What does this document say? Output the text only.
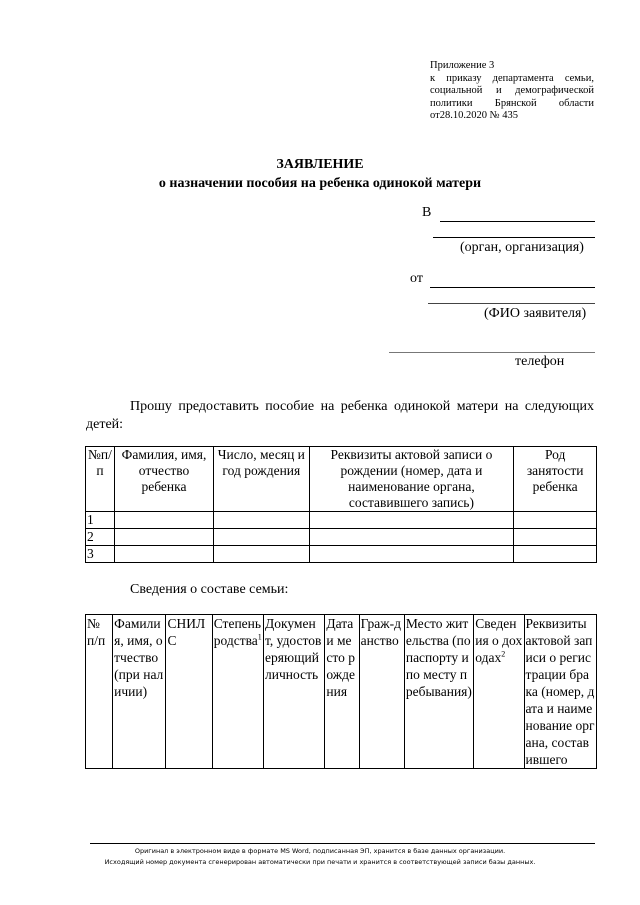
Приложение 3
к приказу департамента семьи,
социальной и демографической
политики Брянской области
от28.10.2020 № 435
ЗАЯВЛЕНИЕ
о назначении пособия на ребенка одинокой матери
В
(орган, организация)
от
(ФИО заявителя)
телефон
Прошу предоставить пособие на ребенка одинокой матери на следующих детей:
№п/п	Фамилия, имя, отчество ребенка	Число, месяц и год рождения	Реквизиты актовой записи о рождении (номер, дата и наименование органа, составившего запись)	Род занятости ребенка
1				
2				
3				
Сведения о составе семьи:
№ п/п	Фамилия, имя, отчество (при наличии)	СНИЛС	Степень родства$^1$	Документ, удостоверяющий личность	Дата и место рождения	Граж-данство	Место жительства (по паспорту и по месту пребывания)	Сведения о доходах$^2$	Реквизиты актовой записи о регистрации брака (номер, дата и наименование органа, составившего
Оригинал в электронном виде в формате MS Word, подписанная ЭП, хранится в базе данных организации.
Исходящий номер документа сгенерирован автоматически при печати и хранится в соответствующей записи базы данных.
